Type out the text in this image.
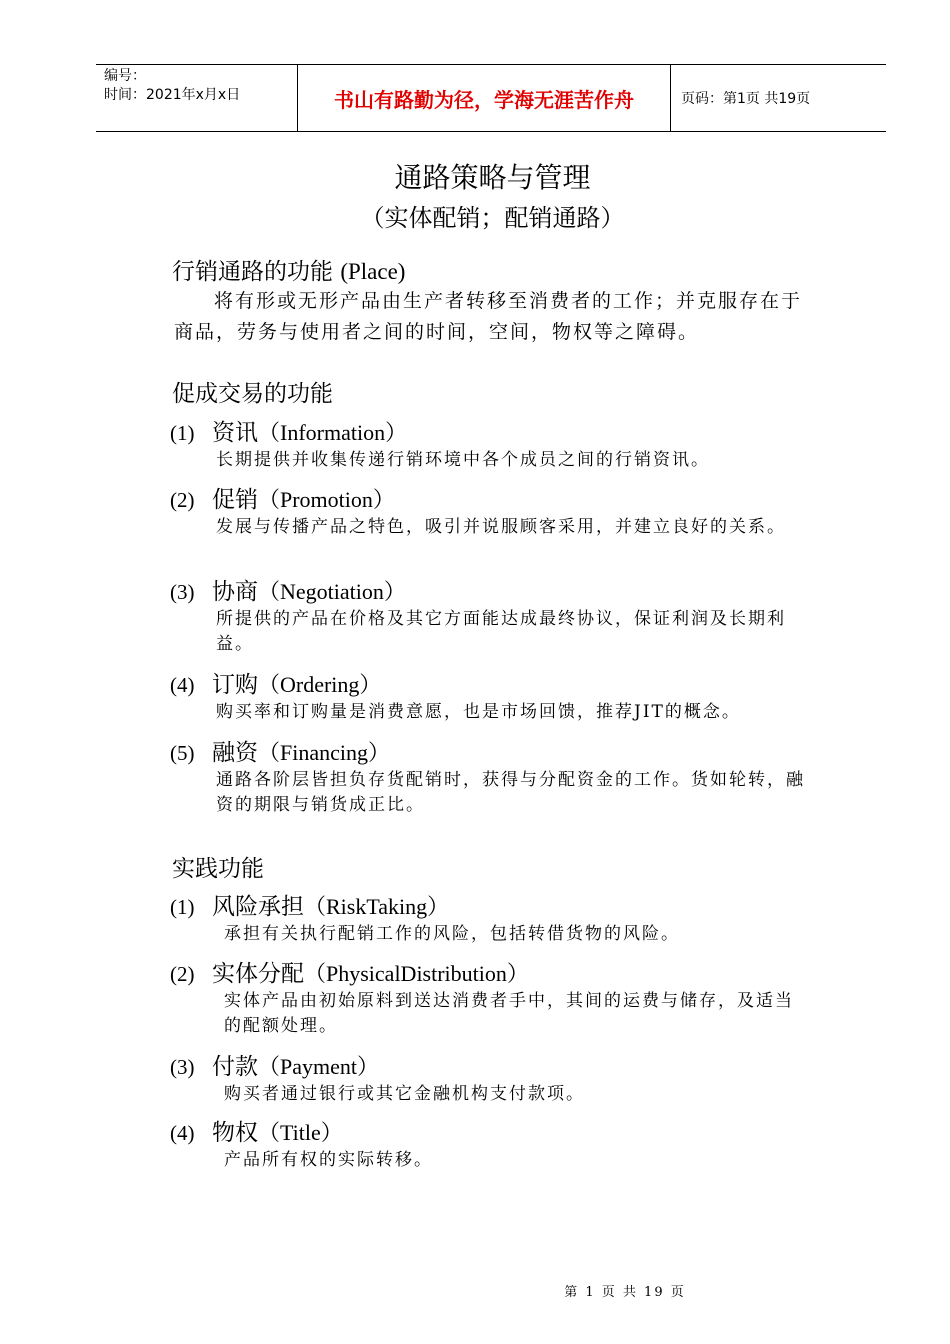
编号：
时间：2021年x月x日	书山有路勤为径，学海无涯苦作舟	页码：第1页 共19页
通路策略与管理
（实体配销；配销通路）
行销通路的功能 (Place)
将有形或无形产品由生产者转移至消费者的工作；并克服存在于商品，劳务与使用者之间的时间，空间，物权等之障碍。
促成交易的功能
(1) 资讯（Information）
长期提供并收集传递行销环境中各个成员之间的行销资讯。
(2) 促销（Promotion）
发展与传播产品之特色，吸引并说服顾客采用，并建立良好的关系。
(3) 协商（Negotiation）
所提供的产品在价格及其它方面能达成最终协议，保证利润及长期利益。
(4) 订购（Ordering）
购买率和订购量是消费意愿，也是市场回馈，推荐JIT的概念。
(5) 融资（Financing）
通路各阶层皆担负存货配销时，获得与分配资金的工作。货如轮转，融资的期限与销货成正比。
实践功能
(1) 风险承担（RiskTaking）
承担有关执行配销工作的风险，包括转借货物的风险。
(2) 实体分配（PhysicalDistribution）
实体产品由初始原料到送达消费者手中，其间的运费与储存，及适当的配额处理。
(3) 付款（Payment）
购买者通过银行或其它金融机构支付款项。
(4) 物权（Title）
产品所有权的实际转移。
第 1 页 共 19 页
